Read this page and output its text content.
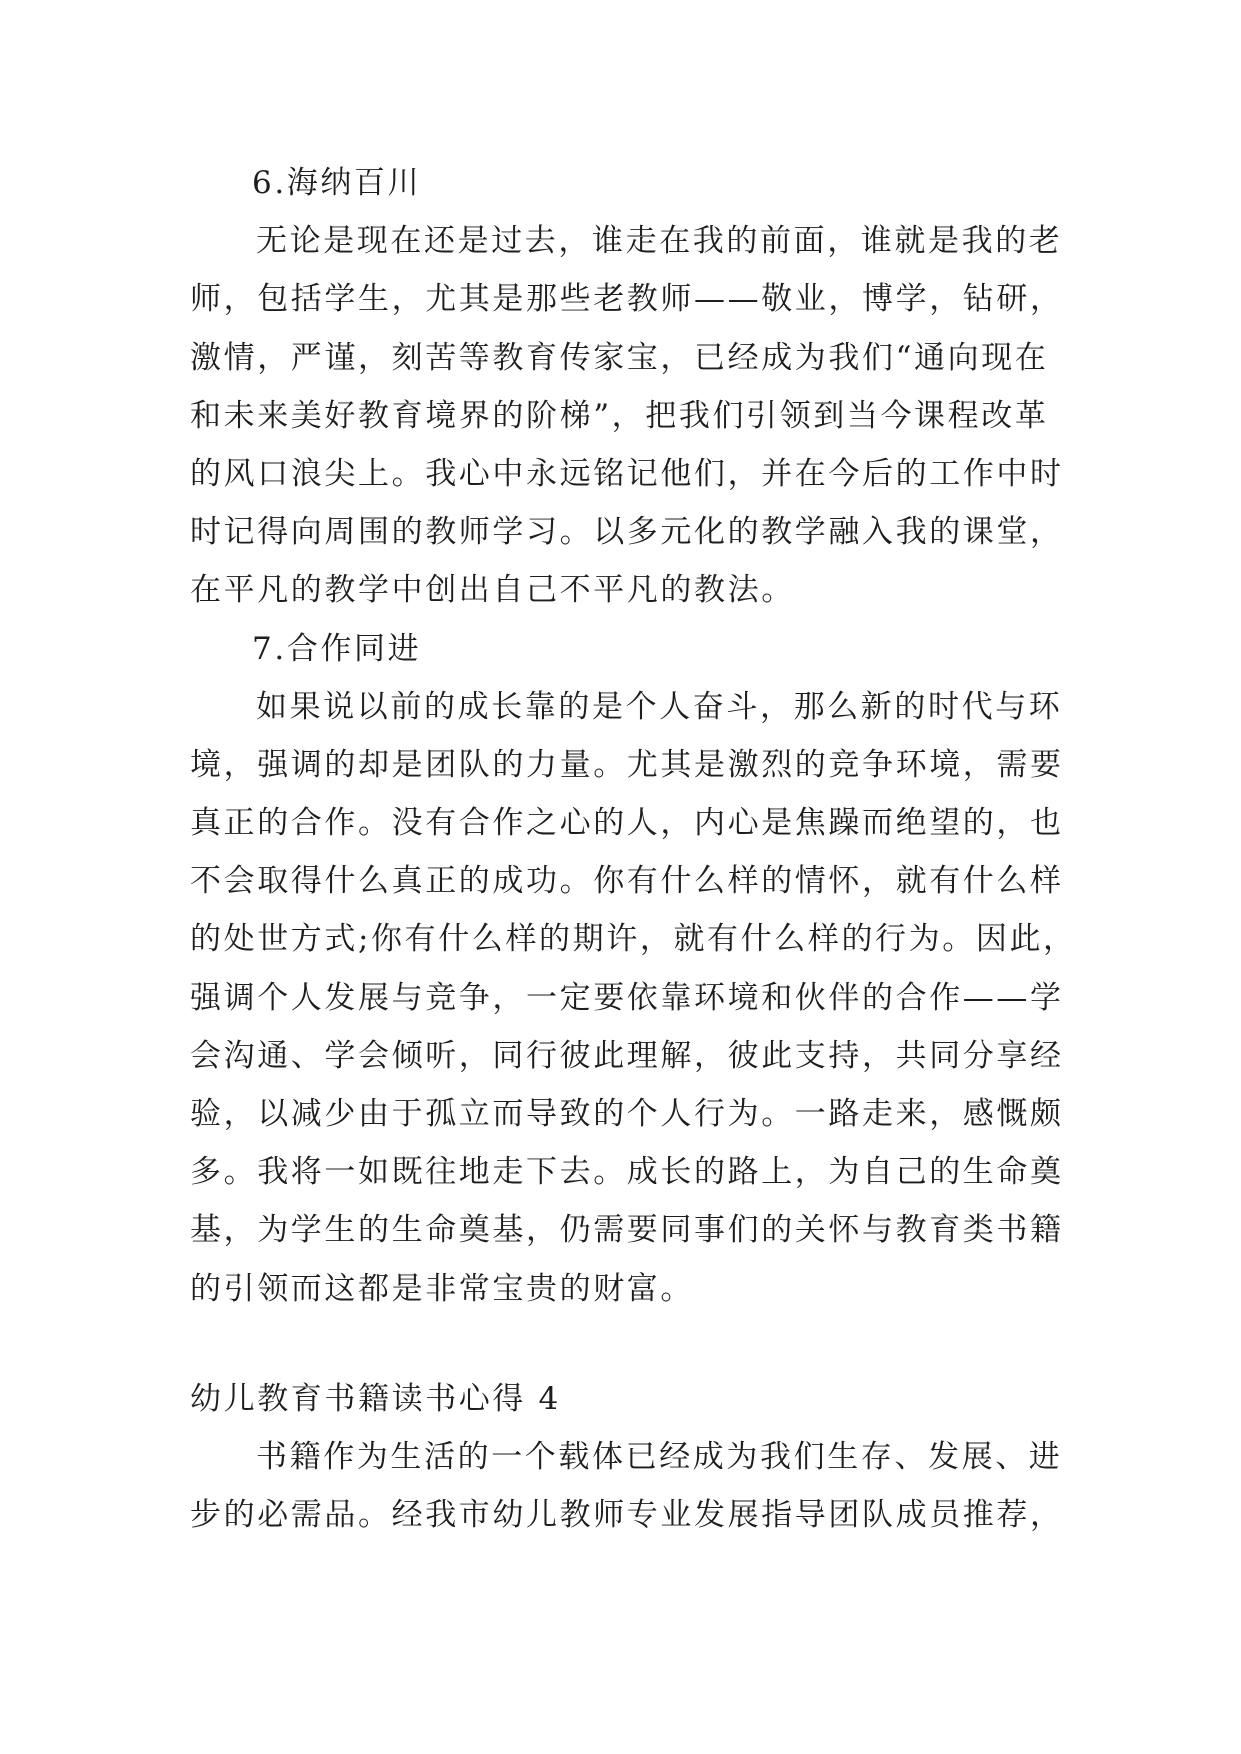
6.海纳百川
无论是现在还是过去，谁走在我的前面，谁就是我的老
师，包括学生，尤其是那些老教师——敬业，博学，钻研，
激情，严谨，刻苦等教育传家宝，已经成为我们“通向现在
和未来美好教育境界的阶梯”，把我们引领到当今课程改革
的风口浪尖上。我心中永远铭记他们，并在今后的工作中时
时记得向周围的教师学习。以多元化的教学融入我的课堂，
在平凡的教学中创出自己不平凡的教法。
7.合作同进
如果说以前的成长靠的是个人奋斗，那么新的时代与环
境，强调的却是团队的力量。尤其是激烈的竞争环境，需要
真正的合作。没有合作之心的人，内心是焦躁而绝望的，也
不会取得什么真正的成功。你有什么样的情怀，就有什么样
的处世方式;你有什么样的期许，就有什么样的行为。因此，
强调个人发展与竞争，一定要依靠环境和伙伴的合作——学
会沟通、学会倾听，同行彼此理解，彼此支持，共同分享经
验，以减少由于孤立而导致的个人行为。一路走来，感慨颇
多。我将一如既往地走下去。成长的路上，为自己的生命奠
基，为学生的生命奠基，仍需要同事们的关怀与教育类书籍
的引领而这都是非常宝贵的财富。
幼儿教育书籍读书心得 4
书籍作为生活的一个载体已经成为我们生存、发展、进
步的必需品。经我市幼儿教师专业发展指导团队成员推荐，
